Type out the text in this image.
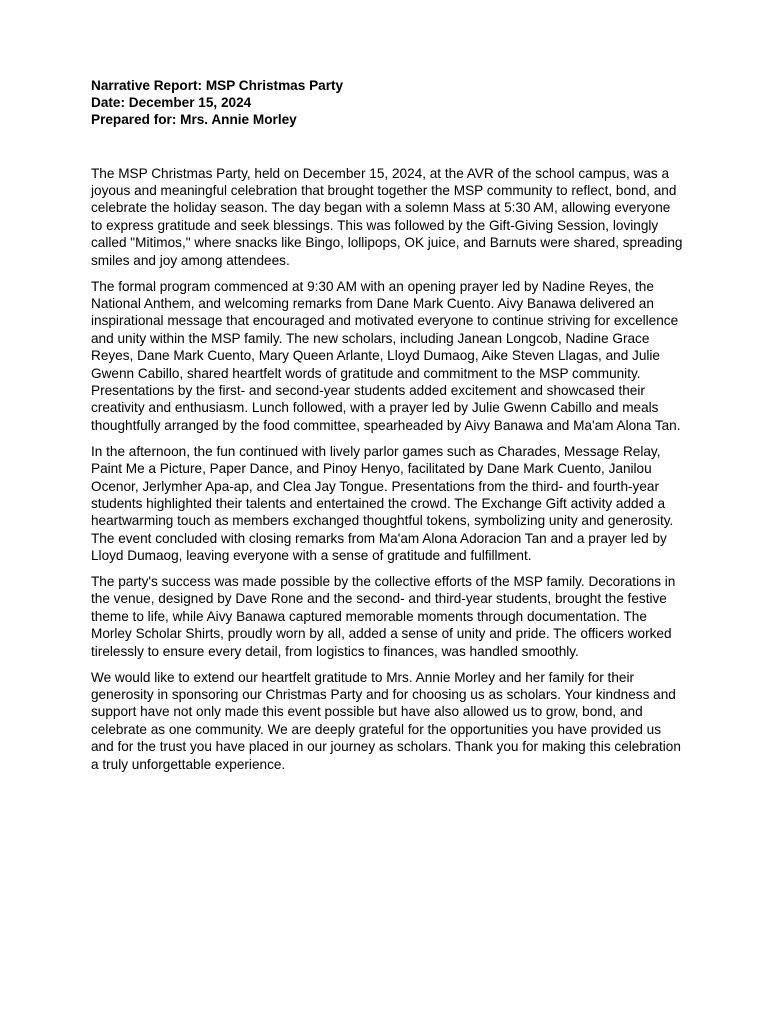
Narrative Report: MSP Christmas Party

Date: December 15, 2024

Prepared for: Mrs. Annie Morley

The MSP Christmas Party, held on December 15, 2024, at the AVR of the school campus, was a joyous and meaningful celebration that brought together the MSP community to reflect, bond, and celebrate the holiday season. The day began with a solemn Mass at 5:30 AM, allowing everyone to express gratitude and seek blessings. This was followed by the Gift-Giving Session, lovingly called "Mitimos," where snacks like Bingo, lollipops, OK juice, and Barnuts were shared, spreading smiles and joy among attendees.

The formal program commenced at 9:30 AM with an opening prayer led by Nadine Reyes, the National Anthem, and welcoming remarks from Dane Mark Cuento. Aivy Banawa delivered an inspirational message that encouraged and motivated everyone to continue striving for excellence and unity within the MSP family. The new scholars, including Janean Longcob, Nadine Grace Reyes, Dane Mark Cuento, Mary Queen Arlante, Lloyd Dumaog, Aike Steven Llagas, and Julie Gwenn Cabillo, shared heartfelt words of gratitude and commitment to the MSP community. Presentations by the first- and second-year students added excitement and showcased their creativity and enthusiasm. Lunch followed, with a prayer led by Julie Gwenn Cabillo and meals thoughtfully arranged by the food committee, spearheaded by Aivy Banawa and Ma'am Alona Tan.

In the afternoon, the fun continued with lively parlor games such as Charades, Message Relay, Paint Me a Picture, Paper Dance, and Pinoy Henyo, facilitated by Dane Mark Cuento, Janilou Ocenor, Jerlymher Apa-ap, and Clea Jay Tongue. Presentations from the third- and fourth-year students highlighted their talents and entertained the crowd. The Exchange Gift activity added a heartwarming touch as members exchanged thoughtful tokens, symbolizing unity and generosity. The event concluded with closing remarks from Ma'am Alona Adoracion Tan and a prayer led by Lloyd Dumaog, leaving everyone with a sense of gratitude and fulfillment.

The party's success was made possible by the collective efforts of the MSP family. Decorations in the venue, designed by Dave Rone and the second- and third-year students, brought the festive theme to life, while Aivy Banawa captured memorable moments through documentation. The Morley Scholar Shirts, proudly worn by all, added a sense of unity and pride. The officers worked tirelessly to ensure every detail, from logistics to finances, was handled smoothly.

We would like to extend our heartfelt gratitude to Mrs. Annie Morley and her family for their generosity in sponsoring our Christmas Party and for choosing us as scholars. Your kindness and support have not only made this event possible but have also allowed us to grow, bond, and celebrate as one community. We are deeply grateful for the opportunities you have provided us and for the trust you have placed in our journey as scholars. Thank you for making this celebration a truly unforgettable experience.
